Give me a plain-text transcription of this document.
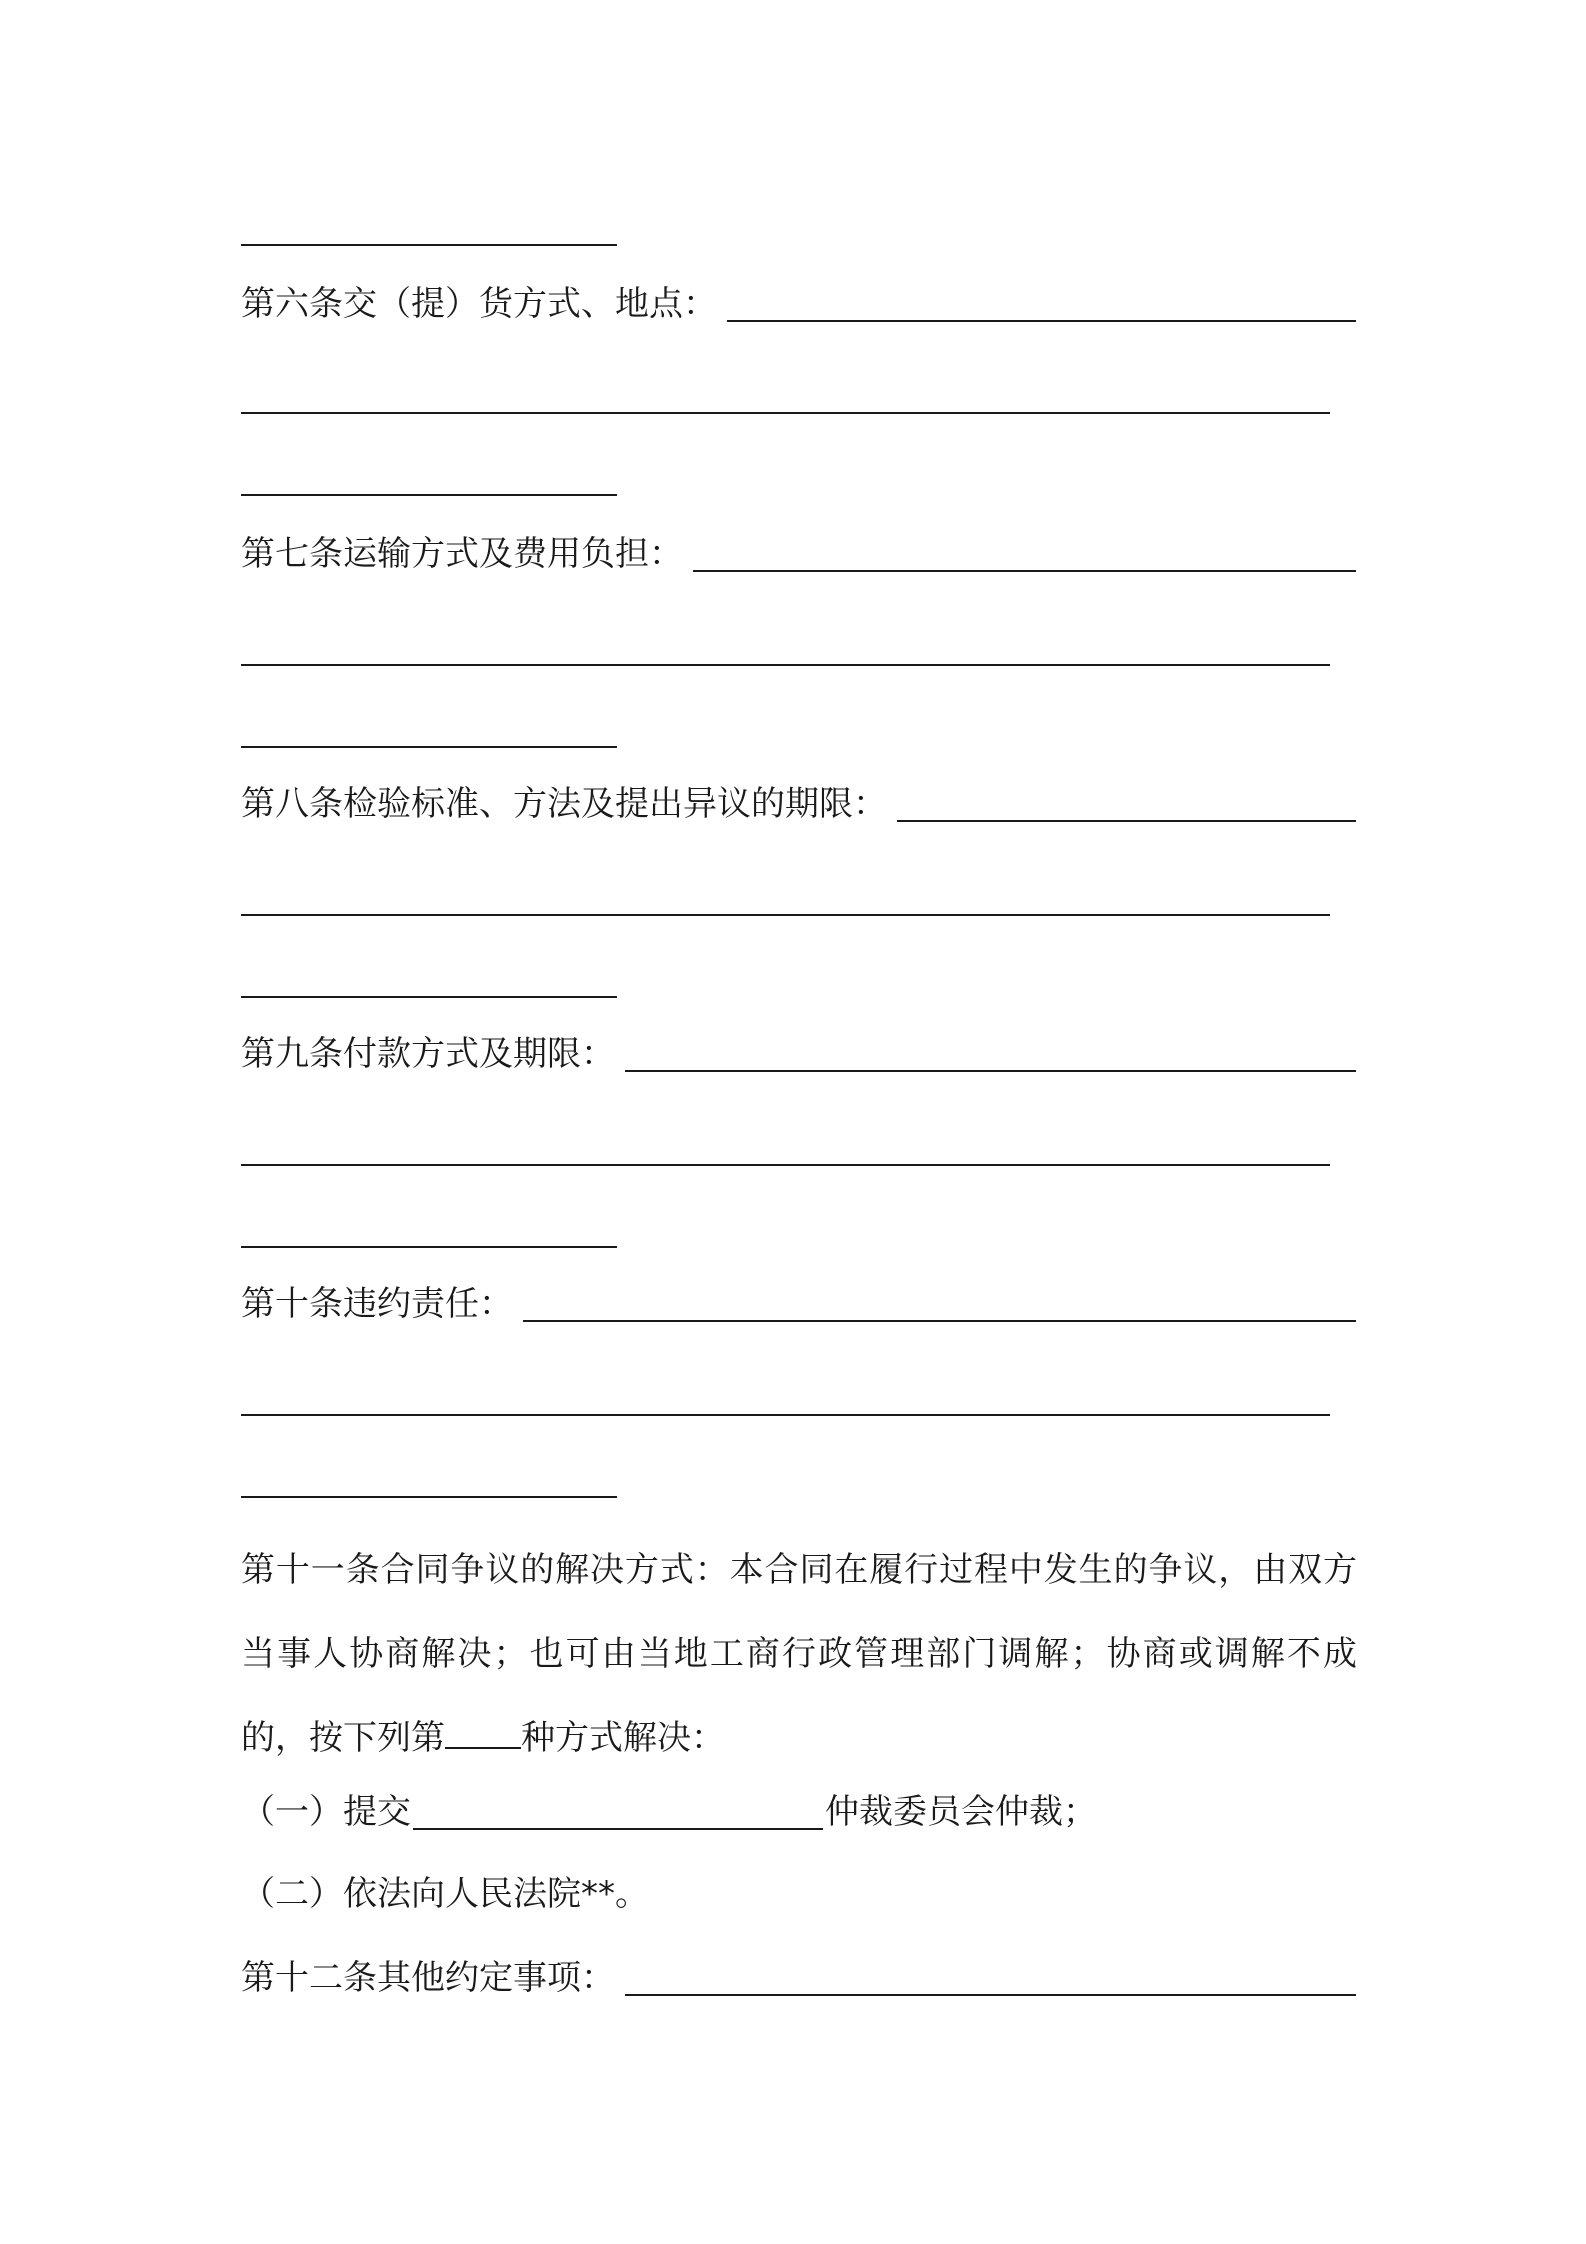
第六条交（提）货方式、地点：
第七条运输方式及费用负担：
第八条检验标准、方法及提出异议的期限：
第九条付款方式及期限：
第十条违约责任：
第十一条合同争议的解决方式：本合同在履行过程中发生的争议，由双方当事人协商解决；也可由当地工商行政管理部门调解；协商或调解不成的，按下列第 种方式解决：
（一）提交	仲裁委员会仲裁；
（二）依法向人民法院**。
第十二条其他约定事项：
